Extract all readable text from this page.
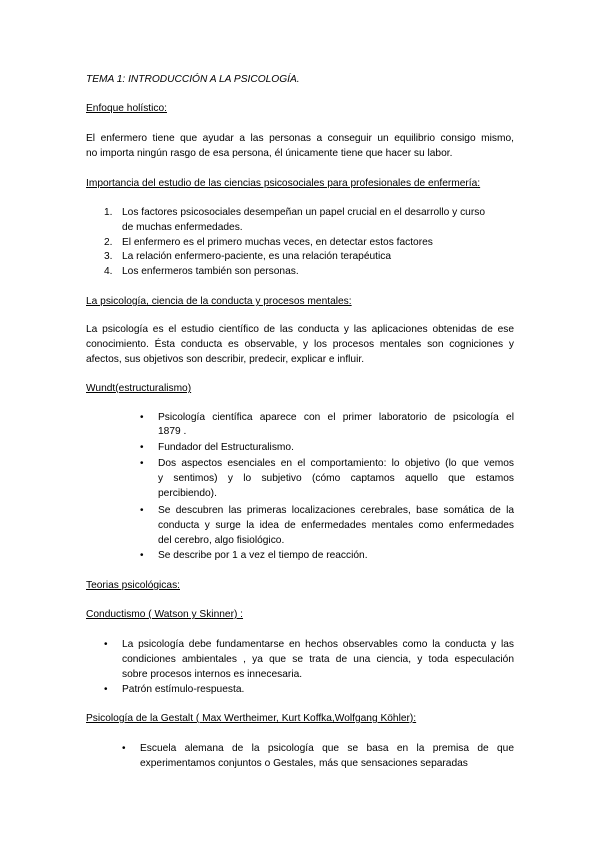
TEMA 1: INTRODUCCIÓN A LA PSICOLOGÍA.
Enfoque holístico:
El enfermero tiene que ayudar a las personas a conseguir un equilibrio consigo mismo,
no importa ningún rasgo de esa persona, él únicamente tiene que hacer su labor.
Importancia del estudio de las ciencias psicosociales para profesionales de enfermería:
1. Los factores psicosociales desempeñan un papel crucial en el desarrollo y curso
de muchas enfermedades.
2. El enfermero es el primero muchas veces, en detectar estos factores
3. La relación enfermero-paciente, es una relación terapéutica
4. Los enfermeros también son personas.
La psicología, ciencia de la conducta y procesos mentales:
La psicología es el estudio científico de las conducta y las aplicaciones obtenidas de ese
conocimiento. Ésta conducta es observable, y los procesos mentales son cogniciones y
afectos, sus objetivos son describir, predecir, explicar e influir.
Wundt(estructuralismo)
• Psicología científica aparece con el primer laboratorio de psicología el
1879 .
• Fundador del Estructuralismo.
• Dos aspectos esenciales en el comportamiento: lo objetivo (lo que vemos
y sentimos) y lo subjetivo (cómo captamos aquello que estamos
percibiendo).
• Se descubren las primeras localizaciones cerebrales, base somática de la
conducta y surge la idea de enfermedades mentales como enfermedades
del cerebro, algo fisiológico.
• Se describe por 1 a vez el tiempo de reacción.
Teorias psicológicas:
Conductismo ( Watson y Skinner) :
• La psicología debe fundamentarse en hechos observables como la conducta y las
condiciones ambientales , ya que se trata de una ciencia, y toda especulación
sobre procesos internos es innecesaria.
• Patrón estímulo-respuesta.
Psicología de la Gestalt ( Max Wertheimer, Kurt Koffka,Wolfgang Köhler):
• Escuela alemana de la psicología que se basa en la premisa de que
experimentamos conjuntos o Gestales, más que sensaciones separadas
